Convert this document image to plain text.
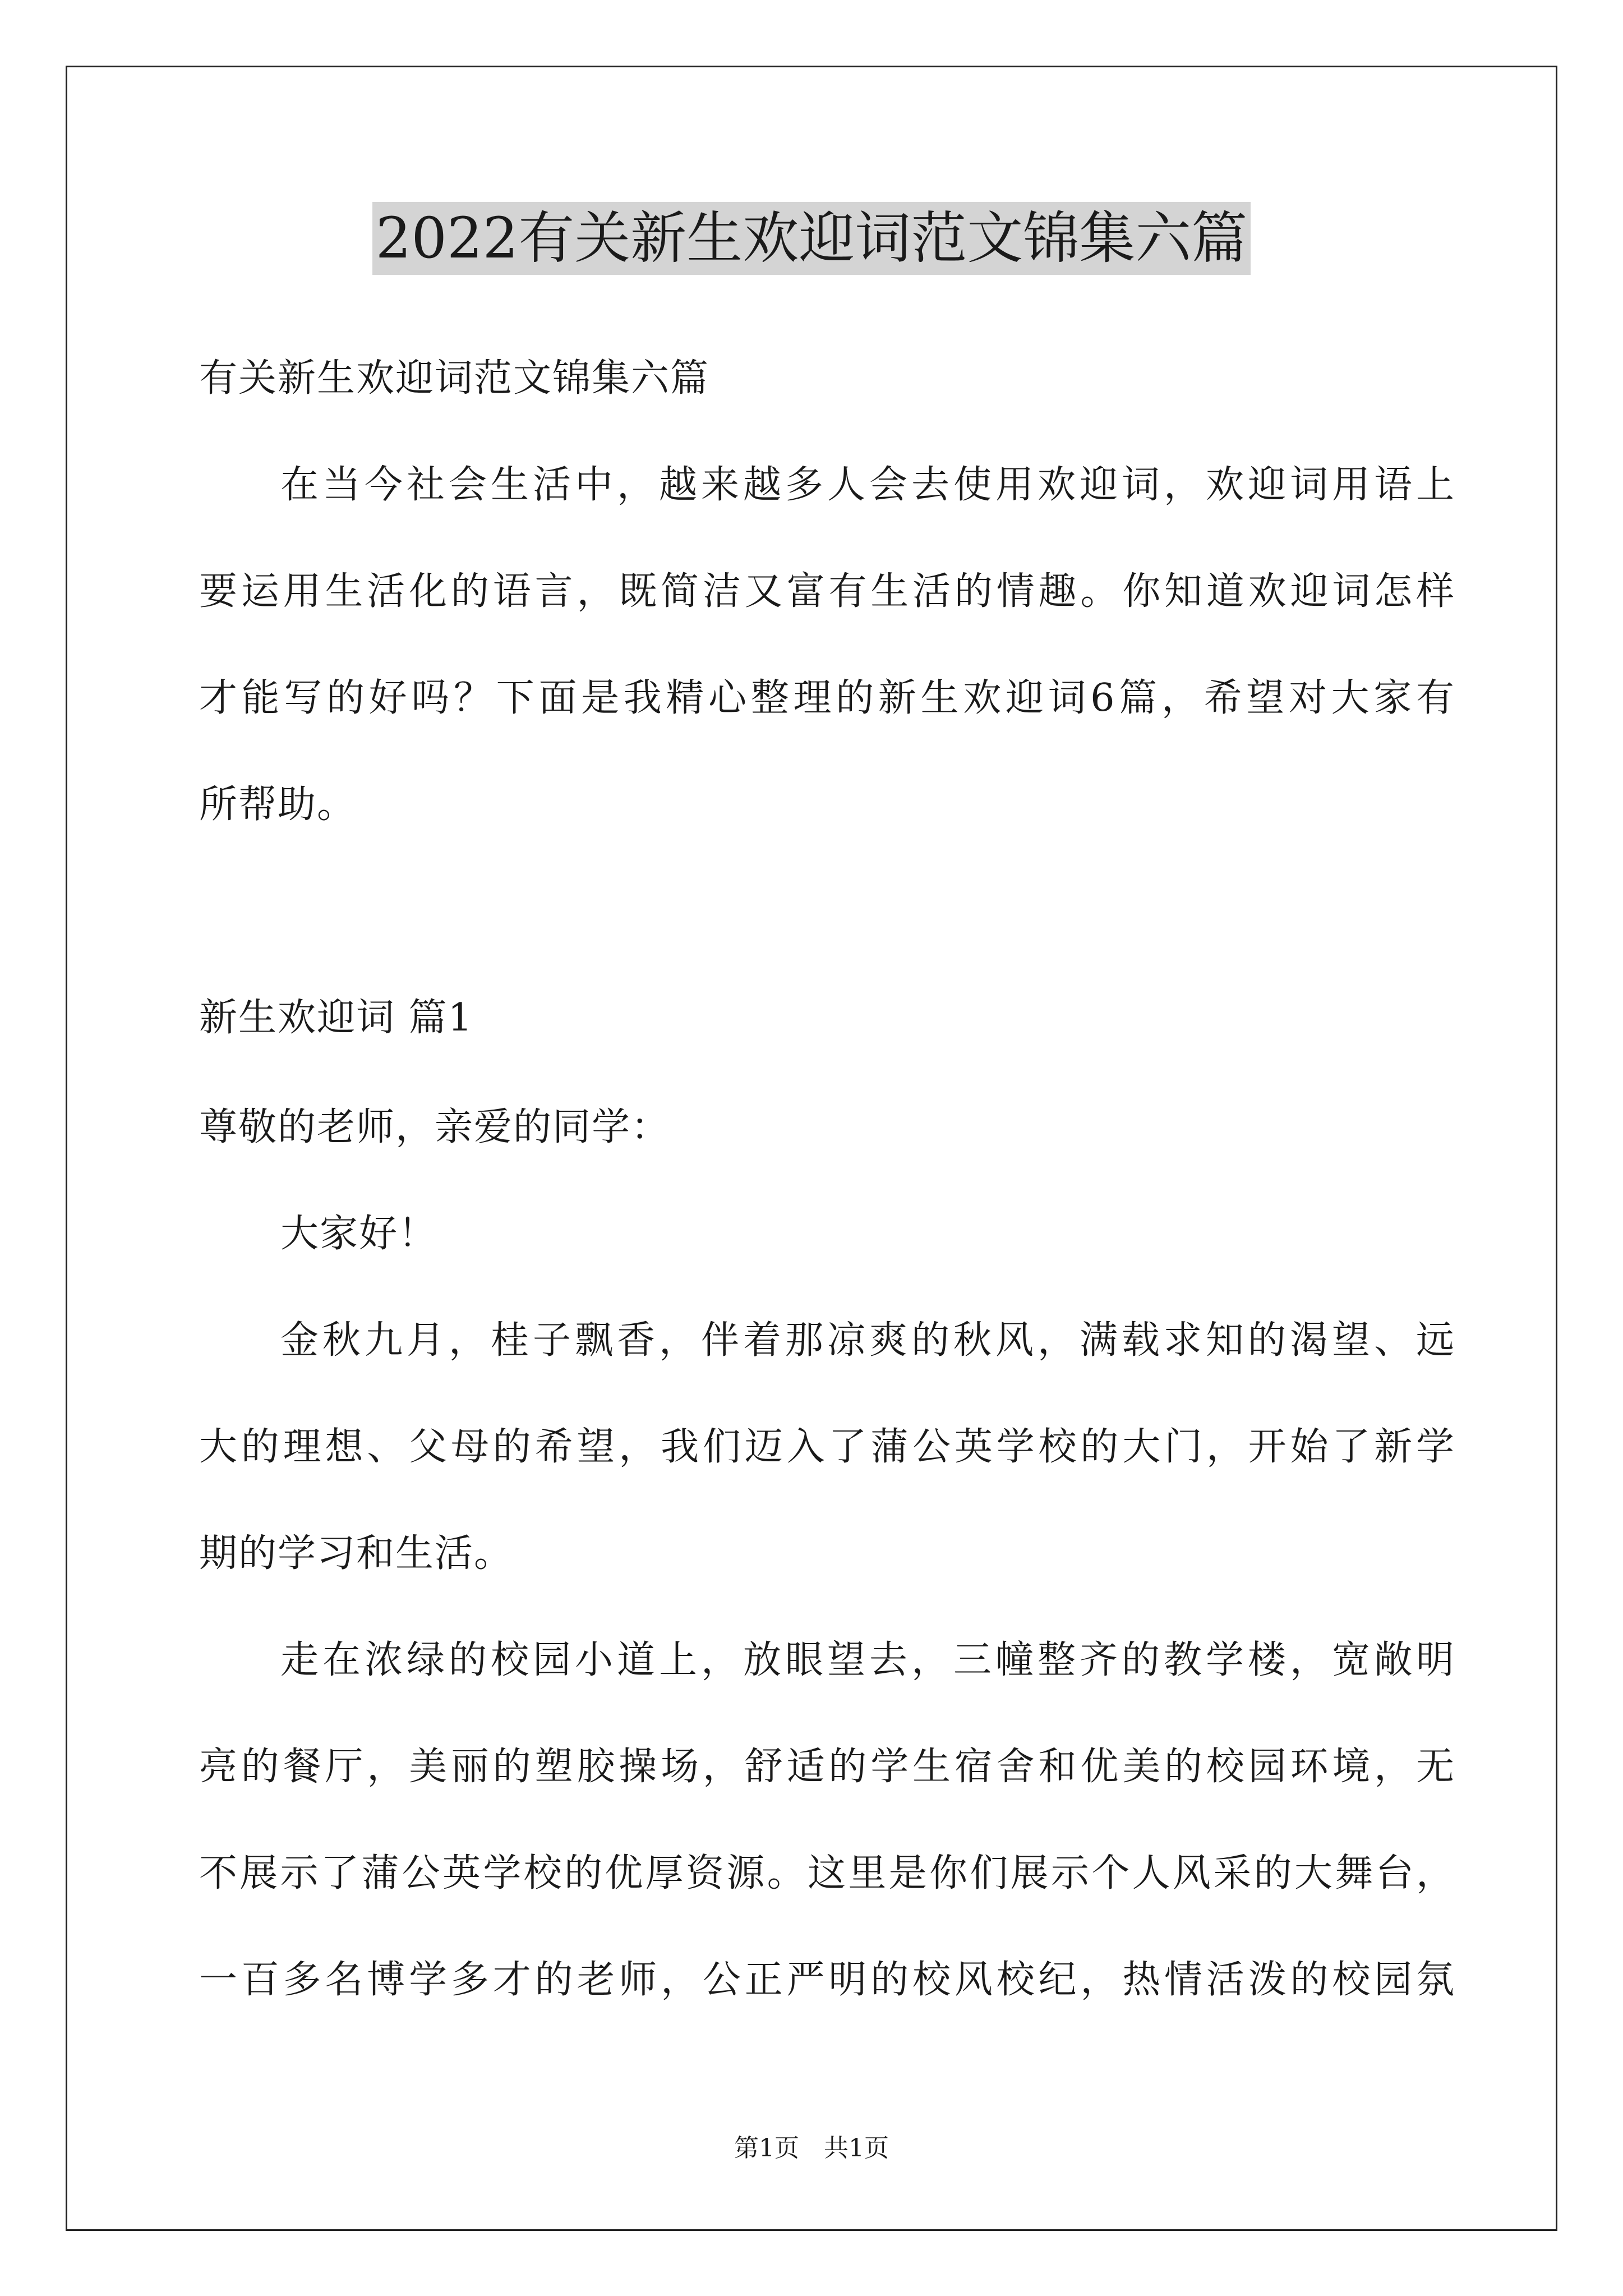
2022有关新生欢迎词范文锦集六篇
有关新生欢迎词范文锦集六篇
在当今社会生活中，越来越多人会去使用欢迎词，欢迎词用语上
要运用生活化的语言，既简洁又富有生活的情趣。你知道欢迎词怎样
才能写的好吗？下面是我精心整理的新生欢迎词6篇，希望对大家有
所帮助。
新生欢迎词 篇1
尊敬的老师，亲爱的同学：
大家好！
金秋九月，桂子飘香，伴着那凉爽的秋风，满载求知的渴望、远
大的理想、父母的希望，我们迈入了蒲公英学校的大门，开始了新学
期的学习和生活。
走在浓绿的校园小道上，放眼望去，三幢整齐的教学楼，宽敞明
亮的餐厅，美丽的塑胶操场，舒适的学生宿舍和优美的校园环境，无
不展示了蒲公英学校的优厚资源。这里是你们展示个人风采的大舞台，
一百多名博学多才的老师，公正严明的校风校纪，热情活泼的校园氛
第1页　共1页
